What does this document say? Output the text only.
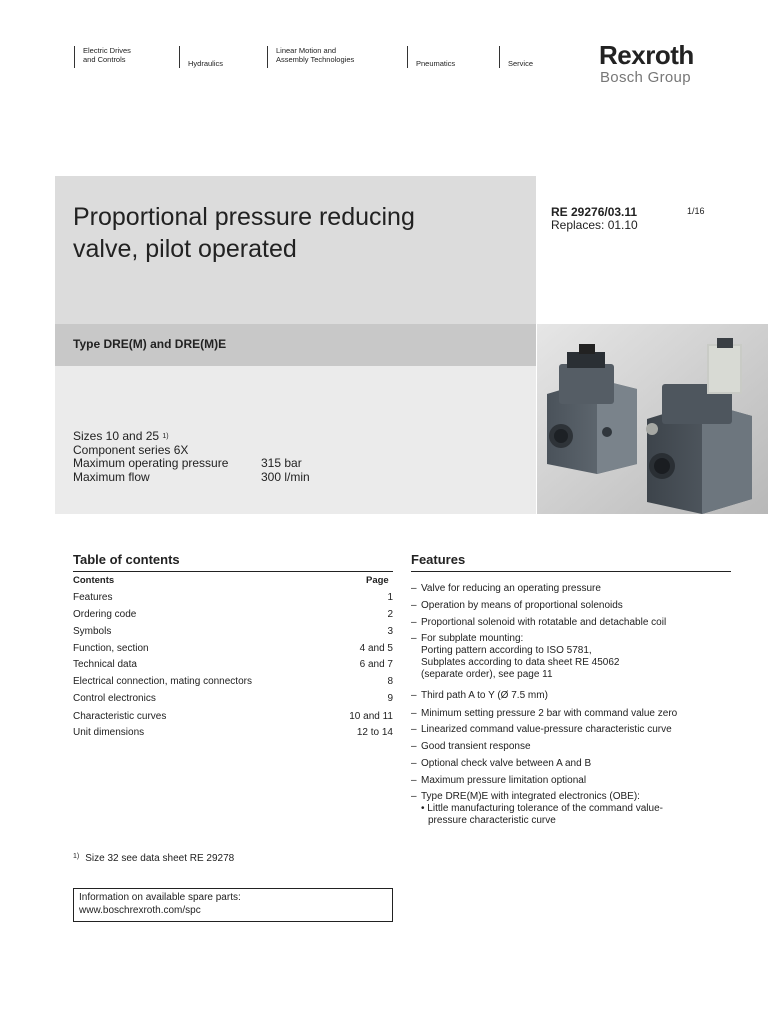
Electric Drives
and Controls	Hydraulics
Linear Motion and
Assembly Technologies	Pneumatics	Service	Rexroth
Bosch Group
Proportional pressure reducing
valve, pilot operated
RE 29276/03.11
Replaces: 01.10
1/16
Type DRE(M) and DRE(M)E
Sizes 10 and 25
1)
Component series 6X
Maximum operating pressure	315 bar
Maximum flow	300 l/min
Table of contents
Contents	Page
Features	1
Ordering code	2
Symbols	3
Function, section	4 and 5
Technical data	6 and 7
Electrical connection, mating connectors	8
Control electronics	9
Characteristic curves	10 and 11
Unit dimensions	12 to 14
Features
– Valve for reducing an operating pressure
– Operation by means of proportional solenoids
– Proportional solenoid with rotatable and detachable coil
– For subplate mounting:
Porting pattern according to ISO 5781,
Subplates according to data sheet RE 45062
(separate order), see page 11
– Third path A to Y (Ø 7.5 mm)
– Minimum setting pressure 2 bar with command value zero
– Linearized command value-pressure characteristic curve
– Good transient response
– Optional check valve between A and B
– Maximum pressure limitation optional
– Type DRE(M)E with integrated electronics (OBE):
• Little manufacturing tolerance of the command value-
pressure characteristic curve
$^{1)}$ Size 32 see data sheet RE 29278
Information on available spare parts:
www.boschrexroth.com/spc
